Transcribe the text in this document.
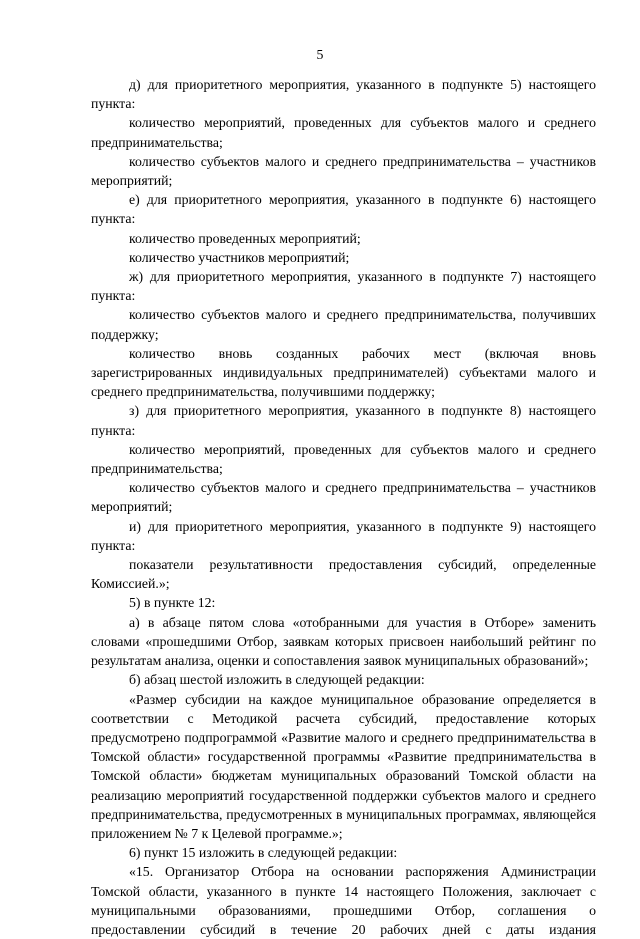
5

д) для приоритетного мероприятия, указанного в подпункте 5) настоящего пункта:

количество мероприятий, проведенных для субъектов малого и среднего предпринимательства;

количество субъектов малого и среднего предпринимательства – участников мероприятий;

е) для приоритетного мероприятия, указанного в подпункте 6) настоящего пункта:

количество проведенных мероприятий;

количество участников мероприятий;

ж) для приоритетного мероприятия, указанного в подпункте 7) настоящего пункта:

количество субъектов малого и среднего предпринимательства, получивших поддержку;

количество вновь созданных рабочих мест (включая вновь зарегистрированных индивидуальных предпринимателей) субъектами малого и среднего предпринимательства, получившими поддержку;

з) для приоритетного мероприятия, указанного в подпункте 8) настоящего пункта:

количество мероприятий, проведенных для субъектов малого и среднего предпринимательства;

количество субъектов малого и среднего предпринимательства – участников мероприятий;

и) для приоритетного мероприятия, указанного в подпункте 9) настоящего пункта:

показатели результативности предоставления субсидий, определенные Комиссией.»;

5) в пункте 12:

а) в абзаце пятом слова «отобранными для участия в Отборе» заменить словами «прошедшими Отбор, заявкам которых присвоен наибольший рейтинг по результатам анализа, оценки и сопоставления заявок муниципальных образований»;

б) абзац шестой изложить в следующей редакции:

«Размер субсидии на каждое муниципальное образование определяется в соответствии с Методикой расчета субсидий, предоставление которых предусмотрено подпрограммой «Развитие малого и среднего предпринимательства в Томской области» государственной программы «Развитие предпринимательства в Томской области» бюджетам муниципальных образований Томской области на реализацию мероприятий государственной поддержки субъектов малого и среднего предпринимательства, предусмотренных в муниципальных программах, являющейся приложением № 7 к Целевой программе.»;

6) пункт 15 изложить в следующей редакции:

«15. Организатор Отбора на основании распоряжения Администрации Томской области, указанного в пункте 14 настоящего Положения, заключает с муниципальными образованиями, прошедшими Отбор, соглашения о предоставлении субсидий в течение 20 рабочих дней с даты издания
